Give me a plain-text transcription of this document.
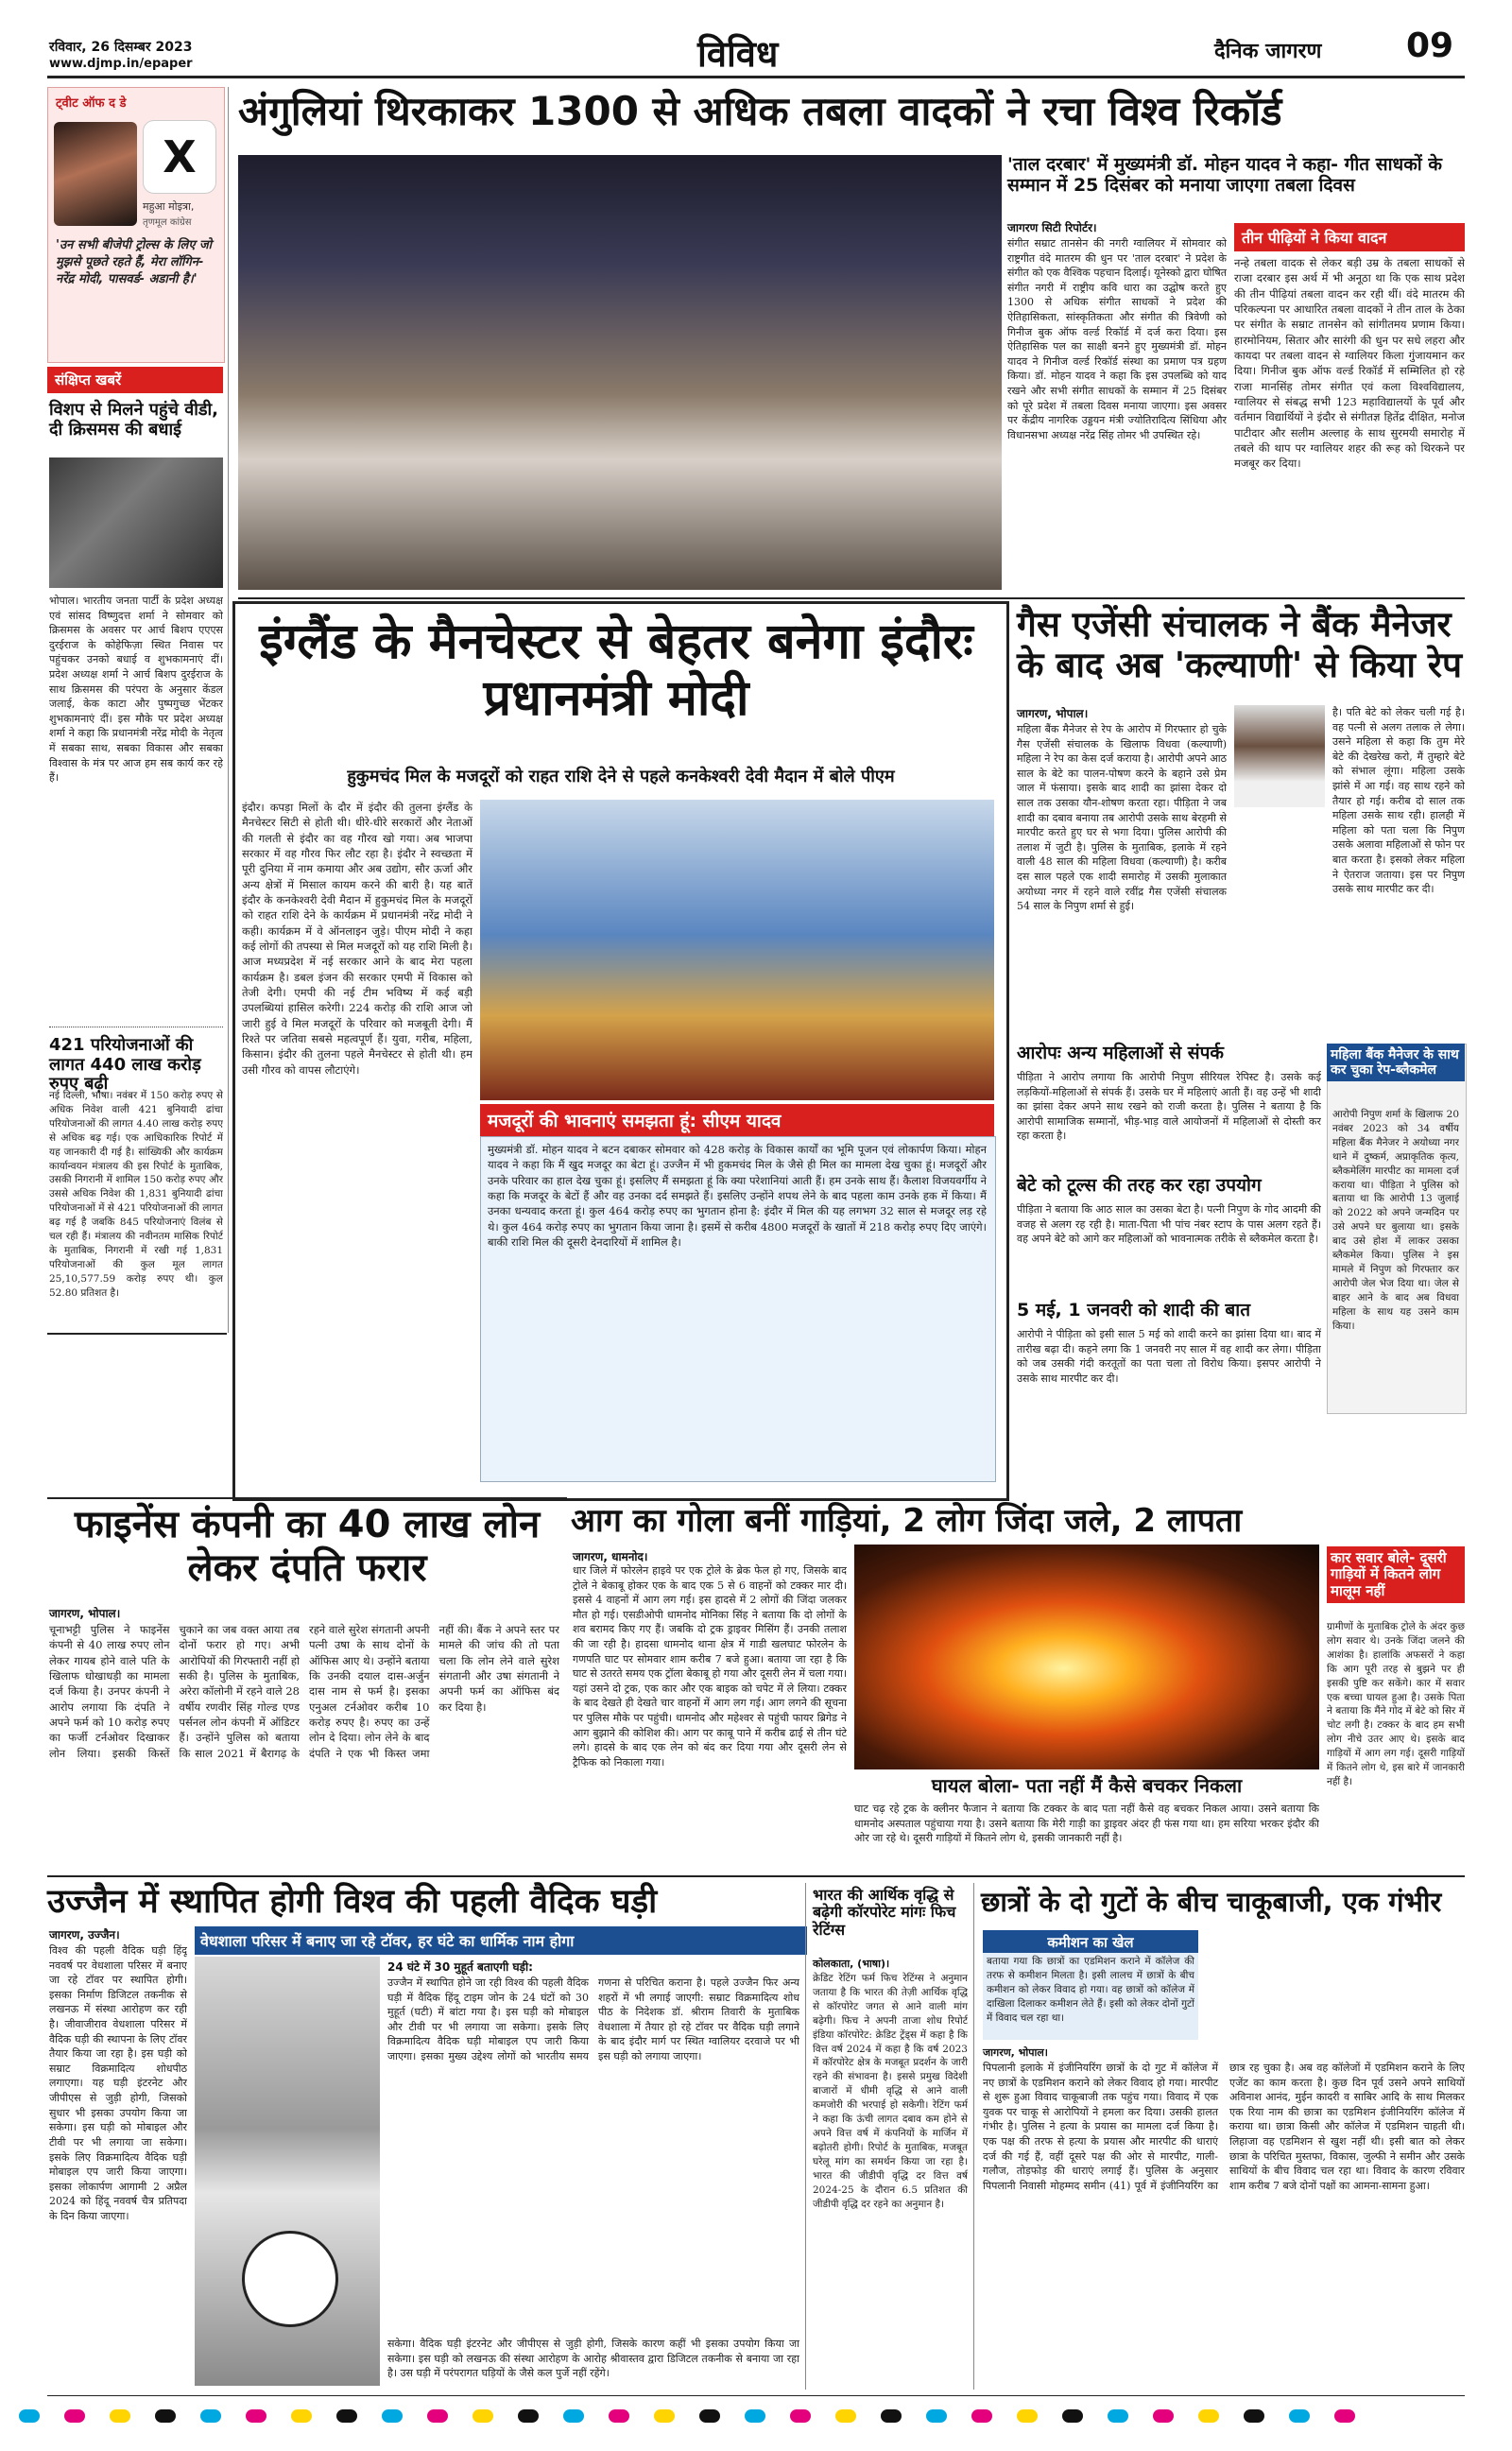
रविवार, 26 दिसम्बर 2023
www.djmp.in/epaper	विविध	दैनिक जागरण 09
ट्वीट ऑफ द डे
X
महुआ मोइत्रा,
तृणमूल कांग्रेस
'उन सभी बीजेपी ट्रोल्स के लिए जो मुझसे पूछते रहते हैं, मेरा लॉगिन- नरेंद्र मोदी, पासवर्ड- अडानी है।'
संक्षिप्त खबरें
विशप से मिलने पहुंचे वीडी, दी क्रिसमस की बधाई
भोपाल। भारतीय जनता पार्टी के प्रदेश अध्यक्ष एवं सांसद विष्णुदत्त शर्मा ने सोमवार को क्रिसमस के अवसर पर आर्च बिशप एएएस दुरईराज के कोहेफिज़ा स्थित निवास पर पहुंचकर उनको बधाई व शुभकामनाएं दीं। प्रदेश अध्यक्ष शर्मा ने आर्च बिशप दुरईराज के साथ क्रिसमस की परंपरा के अनुसार केंडल जलाई, केक काटा और पुष्पगुच्छ भेंटकर शुभकामनाएं दीं। इस मौके पर प्रदेश अध्यक्ष शर्मा ने कहा कि प्रधानमंत्री नरेंद्र मोदी के नेतृत्व में सबका साथ, सबका विकास और सबका विश्वास के मंत्र पर आज हम सब कार्य कर रहे हैं।
421 परियोजनाओं की लागत 440 लाख करोड़ रुपए बढ़ी
नई दिल्ली, भाषा। नवंबर में 150 करोड़ रुपए से अधिक निवेश वाली 421 बुनियादी ढांचा परियोजनाओं की लागत 4.40 लाख करोड़ रुपए से अधिक बढ़ गई। एक आधिकारिक रिपोर्ट में यह जानकारी दी गई है। सांख्यिकी और कार्यक्रम कार्यान्वयन मंत्रालय की इस रिपोर्ट के मुताबिक, उसकी निगरानी में शामिल 150 करोड़ रुपए और उससे अधिक निवेश की 1,831 बुनियादी ढांचा परियोजनाओं में से 421 परियोजनाओं की लागत बढ़ गई है जबकि 845 परियोजनाएं विलंब से चल रही हैं। मंत्रालय की नवीनतम मासिक रिपोर्ट के मुताबिक, निगरानी में रखी गई 1,831 परियोजनाओं की कुल मूल लागत 25,10,577.59 करोड़ रुपए थी। कुल 52.80 प्रतिशत है।
अंगुलियां थिरकाकर 1300 से अधिक तबला वादकों ने रचा विश्व रिकॉर्ड
'ताल दरबार' में मुख्यमंत्री डॉ. मोहन यादव ने कहा- गीत साधकों के सम्मान में 25 दिसंबर को मनाया जाएगा तबला दिवस
जागरण सिटी रिपोर्टर।
संगीत सम्राट तानसेन की नगरी ग्वालियर में सोमवार को राष्ट्रगीत वंदे मातरम की धुन पर 'ताल दरबार' ने प्रदेश के संगीत को एक वैश्विक पहचान दिलाई। यूनेस्को द्वारा घोषित संगीत नगरी में राष्ट्रीय कवि धारा का उद्घोष करते हुए 1300 से अधिक संगीत साधकों ने प्रदेश की ऐतिहासिकता, सांस्कृतिकता और संगीत की त्रिवेणी को गिनीज बुक ऑफ वर्ल्ड रिकॉर्ड में दर्ज करा दिया। इस ऐतिहासिक पल का साक्षी बनने हुए मुख्यमंत्री डॉ. मोहन यादव ने गिनीज वर्ल्ड रिकॉर्ड संस्था का प्रमाण पत्र ग्रहण किया। डॉ. मोहन यादव ने कहा कि इस उपलब्धि को याद रखने और सभी संगीत साधकों के सम्मान में 25 दिसंबर को पूरे प्रदेश में तबला दिवस मनाया जाएगा। इस अवसर पर केंद्रीय नागरिक उड्डयन मंत्री ज्योतिरादित्य सिंधिया और विधानसभा अध्यक्ष नरेंद्र सिंह तोमर भी उपस्थित रहे।
तीन पीढ़ियों ने किया वादन
नन्हे तबला वादक से लेकर बड़ी उम्र के तबला साधकों से राजा दरबार इस अर्थ में भी अनूठा था कि एक साथ प्रदेश की तीन पीढ़ियां तबला वादन कर रही थीं। वंदे मातरम की परिकल्पना पर आधारित तबला वादकों ने तीन ताल के ठेका पर संगीत के सम्राट तानसेन को सांगीतमय प्रणाम किया। हारमोनियम, सितार और सारंगी की धुन पर सधे लहरा और कायदा पर तबला वादन से ग्वालियर किला गुंजायमान कर दिया। गिनीज बुक ऑफ वर्ल्ड रिकॉर्ड में सम्मिलित हो रहे राजा मानसिंह तोमर संगीत एवं कला विश्वविद्यालय, ग्वालियर से संबद्ध सभी 123 महाविद्यालयों के पूर्व और वर्तमान विद्यार्थियों ने इंदौर से संगीतज्ञ हितेंद्र दीक्षित, मनोज पाटीदार और सलीम अल्लाह के साथ सुरमयी समारोह में तबले की थाप पर ग्वालियर शहर की रूह को थिरकने पर मजबूर कर दिया।
इंग्लैंड के मैनचेस्टर से बेहतर बनेगा इंदौरः प्रधानमंत्री मोदी
हुकुमचंद मिल के मजदूरों को राहत राशि देने से पहले कनकेश्वरी देवी मैदान में बोले पीएम
इंदौर। कपड़ा मिलों के दौर में इंदौर की तुलना इंग्लैंड के मैनचेस्टर सिटी से होती थी। धीरे-धीरे सरकारों और नेताओं की गलती से इंदौर का वह गौरव खो गया। अब भाजपा सरकार में वह गौरव फिर लौट रहा है। इंदौर ने स्वच्छता में पूरी दुनिया में नाम कमाया और अब उद्योग, सौर ऊर्जा और अन्य क्षेत्रों में मिसाल कायम करने की बारी है। यह बातें इंदौर के कनकेश्वरी देवी मैदान में हुकुमचंद मिल के मजदूरों को राहत राशि देने के कार्यक्रम में प्रधानमंत्री नरेंद्र मोदी ने कही। कार्यक्रम में वे ऑनलाइन जुड़े। पीएम मोदी ने कहा कई लोगों की तपस्या से मिल मजदूरों को यह राशि मिली है। आज मध्यप्रदेश में नई सरकार आने के बाद मेरा पहला कार्यक्रम है। डबल इंजन की सरकार एमपी में विकास को तेजी देगी। एमपी की नई टीम भविष्य में कई बड़ी उपलब्धियां हासिल करेगी। 224 करोड़ की राशि आज जो जारी हुई वे मिल मजदूरों के परिवार को मजबूती देगी। मैं रिश्ते पर जतिवा सबसे महत्वपूर्ण हैं। युवा, गरीब, महिला, किसान। इंदौर की तुलना पहले मैनचेस्टर से होती थी। हम उसी गौरव को वापस लौटाएंगे।
मजदूरों की भावनाएं समझता हूं: सीएम यादव
मुख्यमंत्री डॉ. मोहन यादव ने बटन दबाकर सोमवार को 428 करोड़ के विकास कार्यों का भूमि पूजन एवं लोकार्पण किया। मोहन यादव ने कहा कि मैं खुद मजदूर का बेटा हूं। उज्जैन में भी हुकमचंद मिल के जैसे ही मिल का मामला देख चुका हूं। मजदूरों और उनके परिवार का हाल देख चुका हूं। इसलिए मैं समझता हूं कि क्या परेशानियां आती हैं। हम उनके साथ हैं। कैलाश विजयवर्गीय ने कहा कि मजदूर के बेटों हैं और वह उनका दर्द समझते हैं। इसलिए उन्होंने शपथ लेने के बाद पहला काम उनके हक में किया। मैं उनका धन्यवाद करता हूं। कुल 464 करोड़ रुपए का भुगतान होना है: इंदौर में मिल की यह लगभग 32 साल से मजदूर लड़ रहे थे। कुल 464 करोड़ रुपए का भुगतान किया जाना है। इसमें से करीब 4800 मजदूरों के खातों में 218 करोड़ रुपए दिए जाएंगे। बाकी राशि मिल की दूसरी देनदारियों में शामिल है।
गैस एजेंसी संचालक ने बैंक मैनेजर के बाद अब 'कल्याणी' से किया रेप
जागरण, भोपाल।
महिला बैंक मैनेजर से रेप के आरोप में गिरफ्तार हो चुके गैस एजेंसी संचालक के खिलाफ विधवा (कल्याणी) महिला ने रेप का केस दर्ज कराया है। आरोपी अपने आठ साल के बेटे का पालन-पोषण करने के बहाने उसे प्रेम जाल में फंसाया। इसके बाद शादी का झांसा देकर दो साल तक उसका यौन-शोषण करता रहा। पीड़िता ने जब शादी का दबाव बनाया तब आरोपी उसके साथ बेरहमी से मारपीट करते हुए घर से भगा दिया। पुलिस आरोपी की तलाश में जुटी है। पुलिस के मुताबिक, इलाके में रहने वाली 48 साल की महिला विधवा (कल्याणी) है। करीब दस साल पहले एक शादी समारोह में उसकी मुलाकात अयोध्या नगर में रहने वाले रवींद्र गैस एजेंसी संचालक 54 साल के निपुण शर्मा से हुई।
है। पति बेटे को लेकर चली गई है। वह पत्नी से अलग तलाक ले लेगा। उसने महिला से कहा कि तुम मेरे बेटे की देखरेख करो, मैं तुम्हारे बेटे को संभाल लूंगा। महिला उसके झांसे में आ गई। वह साथ रहने को तैयार हो गई। करीब दो साल तक महिला उसके साथ रही। हालही में महिला को पता चला कि निपुण उसके अलावा महिलाओं से फोन पर बात करता है। इसको लेकर महिला ने ऐतराज जताया। इस पर निपुण उसके साथ मारपीट कर दी।
आरोपः अन्य महिलाओं से संपर्क
पीड़िता ने आरोप लगाया कि आरोपी निपुण सीरियल रेपिस्ट है। उसके कई लड़कियों-महिलाओं से संपर्क हैं। उसके घर में महिलाएं आती हैं। वह उन्हें भी शादी का झांसा देकर अपने साथ रखने को राजी करता है। पुलिस ने बताया है कि आरोपी सामाजिक सम्मानों, भीड़-भाड़ वाले आयोजनों में महिलाओं से दोस्ती कर रहा करता है।
बेटे को टूल्स की तरह कर रहा उपयोग
पीड़िता ने बताया कि आठ साल का उसका बेटा है। पत्नी निपुण के गोद आदमी की वजह से अलग रह रही है। माता-पिता भी पांच नंबर स्टाप के पास अलग रहते हैं। वह अपने बेटे को आगे कर महिलाओं को भावनात्मक तरीके से ब्लैकमेल करता है।
5 मई, 1 जनवरी को शादी की बात
आरोपी ने पीड़िता को इसी साल 5 मई को शादी करने का झांसा दिया था। बाद में तारीख बढ़ा दी। कहने लगा कि 1 जनवरी नए साल में वह शादी कर लेगा। पीड़िता को जब उसकी गंदी करतूतों का पता चला तो विरोध किया। इसपर आरोपी ने उसके साथ मारपीट कर दी।
महिला बैंक मैनेजर के साथ कर चुका रेप-ब्लैकमेल
आरोपी निपुण शर्मा के खिलाफ 20 नवंबर 2023 को 34 वर्षीय महिला बैंक मैनेजर ने अयोध्या नगर थाने में दुष्कर्म, अप्राकृतिक कृत्य, ब्लैकमेलिंग मारपीट का मामला दर्ज कराया था। पीड़िता ने पुलिस को बताया था कि आरोपी 13 जुलाई को 2022 को अपने जन्मदिन पर उसे अपने घर बुलाया था। इसके बाद उसे होश में लाकर उसका ब्लैकमेल किया। पुलिस ने इस मामले में निपुण को गिरफ्तार कर आरोपी जेल भेज दिया था। जेल से बाहर आने के बाद अब विधवा महिला के साथ यह उसने काम किया।
फाइनेंस कंपनी का 40 लाख लोन लेकर दंपति फरार
जागरण, भोपाल।
चूनाभट्टी पुलिस ने फाइनेंस कंपनी से 40 लाख रुपए लोन लेकर गायब होने वाले पति के खिलाफ धोखाधड़ी का मामला दर्ज किया है। उनपर कंपनी ने आरोप लगाया कि दंपति ने अपने फर्म को 10 करोड़ रुपए का फर्जी टर्नओवर दिखाकर लोन लिया। इसकी किस्तें चुकाने का जब वक्त आया तब दोनों फरार हो गए। अभी आरोपियों की गिरफ्तारी नहीं हो सकी है। पुलिस के मुताबिक, अरेरा कॉलोनी में रहने वाले 28 वर्षीय रणवीर सिंह गोल्ड एण्ड पर्सनल लोन कंपनी में ऑडिटर हैं। उन्होंने पुलिस को बताया कि साल 2021 में बैरागढ़ के रहने वाले सुरेश संगतानी अपनी पत्नी उषा के साथ दोनों के ऑफिस आए थे। उन्होंने बताया कि उनकी दयाल दास-अर्जुन दास नाम से फर्म है। इसका एनुअल टर्नओवर करीब 10 करोड़ रुपए है। रुपए का उन्हें लोन दे दिया। लोन लेने के बाद दंपति ने एक भी किस्त जमा नहीं की। बैंक ने अपने स्तर पर मामले की जांच की तो पता चला कि लोन लेने वाले सुरेश संगतानी और उषा संगतानी ने अपनी फर्म का ऑफिस बंद कर दिया है।
आग का गोला बनीं गाड़ियां, 2 लोग जिंदा जले, 2 लापता
जागरण, धामनोद।
धार जिले में फोरलेन हाइवे पर एक ट्रोले के ब्रेक फेल हो गए, जिसके बाद ट्रोले ने बेकाबू होकर एक के बाद एक 5 से 6 वाहनों को टक्कर मार दी। इससे 4 वाहनों में आग लग गई। इस हादसे में 2 लोगों की जिंदा जलकर मौत हो गई। एसडीओपी धामनोद मोनिका सिंह ने बताया कि दो लोगों के शव बरामद किए गए हैं। जबकि दो ट्रक ड्राइवर मिसिंग हैं। उनकी तलाश की जा रही है। हादसा धामनोद थाना क्षेत्र में गाडी खलघाट फोरलेन के गणपति घाट पर सोमवार शाम करीब 7 बजे हुआ। बताया जा रहा है कि घाट से उतरते समय एक ट्रॉला बेकाबू हो गया और दूसरी लेन में चला गया। यहां उसने दो ट्रक, एक कार और एक बाइक को चपेट में ले लिया। टक्कर के बाद देखते ही देखते चार वाहनों में आग लग गई। आग लगने की सूचना पर पुलिस मौके पर पहुंची। धामनोद और महेश्वर से पहुंची फायर ब्रिगेड ने आग बुझाने की कोशिश की। आग पर काबू पाने में करीब ढाई से तीन घंटे लगे। हादसे के बाद एक लेन को बंद कर दिया गया और दूसरी लेन से ट्रैफिक को निकाला गया।
घायल बोला- पता नहीं मैं कैसे बचकर निकला
घाट चढ़ रहे ट्रक के क्लीनर फैजान ने बताया कि टक्कर के बाद पता नहीं कैसे वह बचकर निकल आया। उसने बताया कि धामनोद अस्पताल पहुंचाया गया है। उसने बताया कि मेरी गाड़ी का ड्राइवर अंदर ही फंस गया था। हम सरिया भरकर इंदौर की ओर जा रहे थे। दूसरी गाड़ियों में कितने लोग थे, इसकी जानकारी नहीं है।
कार सवार बोले- दूसरी गाड़ियों में कितने लोग मालूम नहीं
ग्रामीणों के मुताबिक ट्रोले के अंदर कुछ लोग सवार थे। उनके जिंदा जलने की आशंका है। हालांकि अफसरों ने कहा कि आग पूरी तरह से बुझने पर ही इसकी पुष्टि कर सकेंगे। कार में सवार एक बच्चा घायल हुआ है। उसके पिता ने बताया कि मैंने गोद में बेटे को सिर में चोट लगी है। टक्कर के बाद हम सभी लोग नीचे उतर आए थे। इसके बाद गाड़ियों में आग लग गई। दूसरी गाड़ियों में कितने लोग थे, इस बारे में जानकारी नहीं है।
उज्जैन में स्थापित होगी विश्व की पहली वैदिक घड़ी
वेधशाला परिसर में बनाए जा रहे टॉवर, हर घंटे का धार्मिक नाम होगा
जागरण, उज्जैन।
विश्व की पहली वैदिक घड़ी हिंदू नववर्ष पर वेधशाला परिसर में बनाए जा रहे टॉवर पर स्थापित होगी। इसका निर्माण डिजिटल तकनीक से लखनऊ में संस्था आरोहण कर रही है। जीवाजीराव वेधशाला परिसर में वैदिक घड़ी की स्थापना के लिए टॉवर तैयार किया जा रहा है। इस घड़ी को सम्राट विक्रमादित्य शोधपीठ लगाएगा। यह घड़ी इंटरनेट और जीपीएस से जुड़ी होगी, जिसको सुधार भी इसका उपयोग किया जा सकेगा। इस घड़ी को मोबाइल और टीवी पर भी लगाया जा सकेगा। इसके लिए विक्रमादित्य वैदिक घड़ी मोबाइल एप जारी किया जाएगा। इसका लोकार्पण आगामी 2 अप्रैल 2024 को हिंदू नववर्ष चैत्र प्रतिपदा के दिन किया जाएगा।
24 घंटे में 30 मुहूर्त बताएगी घड़ी:
उज्जैन में स्थापित होने जा रही विश्व की पहली वैदिक घड़ी में वैदिक हिंदू टाइम जोन के 24 घंटों को 30 मुहूर्त (घटी) में बांटा गया है। इस घड़ी को मोबाइल और टीवी पर भी लगाया जा सकेगा। इसके लिए विक्रमादित्य वैदिक घड़ी मोबाइल एप जारी किया जाएगा। इसका मुख्य उद्देश्य लोगों को भारतीय समय गणना से परिचित कराना है। पहले उज्जैन फिर अन्य शहरों में भी लगाई जाएगी: सम्राट विक्रमादित्य शोध पीठ के निदेशक डॉ. श्रीराम तिवारी के मुताबिक वेधशाला में तैयार हो रहे टॉवर पर वैदिक घड़ी लगाने के बाद इंदौर मार्ग पर स्थित ग्वालियर दरवाजे पर भी इस घड़ी को लगाया जाएगा।
सकेगा। वैदिक घड़ी इंटरनेट और जीपीएस से जुड़ी होगी, जिसके कारण कहीं भी इसका उपयोग किया जा सकेगा। इस घड़ी को लखनऊ की संस्था आरोहण के आरोह श्रीवास्तव द्वारा डिजिटल तकनीक से बनाया जा रहा है। उस घड़ी में परंपरागत घड़ियों के जैसे कल पुर्जे नहीं रहेंगे।
भारत की आर्थिक वृद्धि से बढ़ेगी कॉरपोरेट मांगः फिच रेटिंग्स
कोलकाता, (भाषा)।
क्रेडिट रेटिंग फर्म फिच रेटिंग्स ने अनुमान जताया है कि भारत की तेज़ी आर्थिक वृद्धि से कॉरपोरेट जगत से आने वाली मांग बढ़ेगी। फिच ने अपनी ताजा शोध रिपोर्ट इंडिया कॉरपोरेट: क्रेडिट ट्रेंड्स में कहा है कि वित्त वर्ष 2024 में कहा है कि वर्ष 2023 में कॉरपोरेट क्षेत्र के मजबूत प्रदर्शन के जारी रहने की संभावना है। इससे प्रमुख विदेशी बाजारों में धीमी वृद्धि से आने वाली कमजोरी की भरपाई हो सकेगी। रेटिंग फर्म ने कहा कि ऊंची लागत दबाव कम होने से अपने वित्त वर्ष में कंपनियों के मार्जिन में बढ़ोतरी होगी। रिपोर्ट के मुताबिक, मजबूत घरेलू मांग का समर्थन किया जा रहा है। भारत की जीडीपी वृद्धि दर वित्त वर्ष 2024-25 के दौरान 6.5 प्रतिशत की जीडीपी वृद्धि दर रहने का अनुमान है।
छात्रों के दो गुटों के बीच चाकूबाजी, एक गंभीर
कमीशन का खेल
बताया गया कि छात्रों का एडमिशन कराने में कॉलेज की तरफ से कमीशन मिलता है। इसी लालच में छात्रों के बीच कमीशन को लेकर विवाद हो गया। वह छात्रों को कॉलेज में दाखिला दिलाकर कमीशन लेते हैं। इसी को लेकर दोनों गुटों में विवाद चल रहा था।
जागरण, भोपाल।
पिपलानी इलाके में इंजीनियरिंग छात्रों के दो गुट में कॉलेज में नए छात्रों के एडमिशन कराने को लेकर विवाद हो गया। मारपीट से शुरू हुआ विवाद चाकूबाजी तक पहुंच गया। विवाद में एक युवक पर चाकू से आरोपियों ने हमला कर दिया। उसकी हालत गंभीर है। पुलिस ने हत्या के प्रयास का मामला दर्ज किया है। एक पक्ष की तरफ से हत्या के प्रयास और मारपीट की धाराएं दर्ज की गई हैं, वहीं दूसरे पक्ष की ओर से मारपीट, गाली-गलौज, तोड़फोड़ की धाराएं लगाई हैं। पुलिस के अनुसार पिपलानी निवासी मोहम्मद समीन (41) पूर्व में इंजीनियरिंग का छात्र रह चुका है। अब वह कॉलेजों में एडमिशन कराने के लिए एजेंट का काम करता है। कुछ दिन पूर्व उसने अपने साथियों अविनाश आनंद, मुईन कादरी व साबिर आदि के साथ मिलकर एक रिया नाम की छात्रा का एडमिशन इंजीनियरिंग कॉलेज में कराया था। छात्रा किसी और कॉलेज में एडमिशन चाहती थी। लिहाजा वह एडमिशन से खुश नहीं थी। इसी बात को लेकर छात्रा के परिचित मुस्तफा, विकास, जुल्फी ने समीन और उसके साथियों के बीच विवाद चल रहा था। विवाद के कारण रविवार शाम करीब 7 बजे दोनों पक्षों का आमना-सामना हुआ।
